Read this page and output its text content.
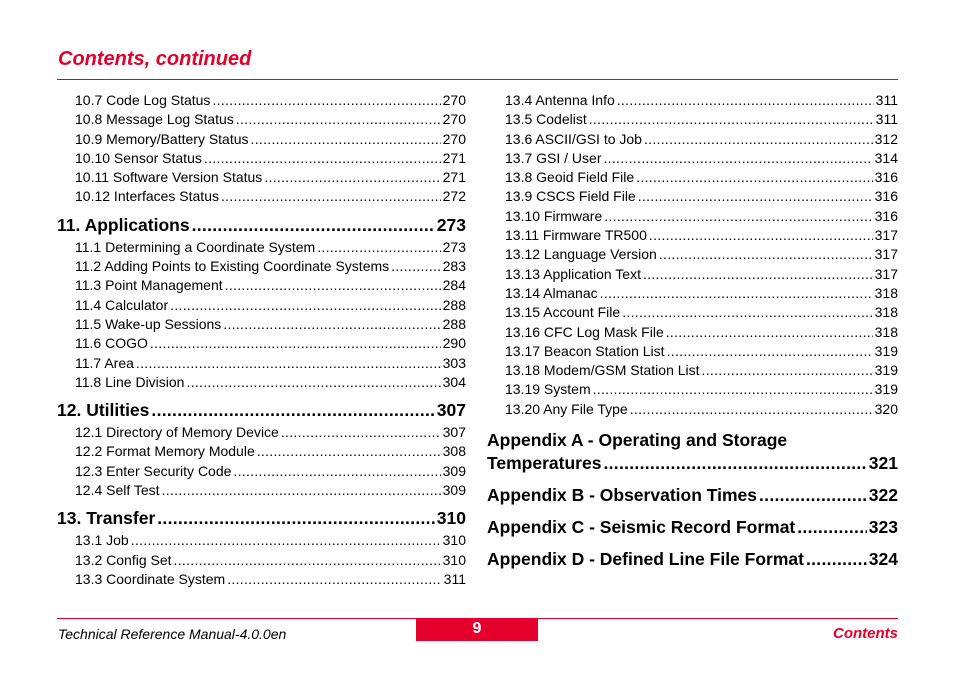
Contents, continued
10.7 Code Log Status .....	270
10.8 Message Log Status .....	270
10.9 Memory/Battery Status .....	270
10.10 Sensor Status .....	271
10.11 Software Version Status .....	271
10.12 Interfaces Status .....	272
11. Applications .....	273
11.1 Determining a Coordinate System .....	273
11.2 Adding Points to Existing Coordinate Systems .....	283
11.3 Point Management .....	284
11.4 Calculator .....	288
11.5 Wake-up Sessions .....	288
11.6 COGO .....	290
11.7 Area .....	303
11.8 Line Division .....	304
12. Utilities .....	307
12.1 Directory of Memory Device .....	307
12.2 Format Memory Module .....	308
12.3 Enter Security Code .....	309
12.4 Self Test .....	309
13. Transfer .....	310
13.1 Job .....	310
13.2 Config Set .....	310
13.3 Coordinate System .....	311
13.4 Antenna Info .....	311
13.5 Codelist .....	311
13.6 ASCII/GSI to Job .....	312
13.7 GSI / User .....	314
13.8 Geoid Field File .....	316
13.9 CSCS Field File .....	316
13.10 Firmware .....	316
13.11 Firmware TR500 .....	317
13.12 Language Version .....	317
13.13 Application Text .....	317
13.14 Almanac .....	318
13.15 Account File .....	318
13.16 CFC Log Mask File .....	318
13.17 Beacon Station List .....	319
13.18 Modem/GSM Station List .....	319
13.19 System .....	319
13.20 Any File Type .....	320
Appendix A - Operating and Storage
Temperatures .....	321
Appendix B - Observation Times .....	322
Appendix C - Seismic Record Format .....	323
Appendix D - Defined Line File Format .....	324
Technical Reference Manual-4.0.0en	9	Contents
